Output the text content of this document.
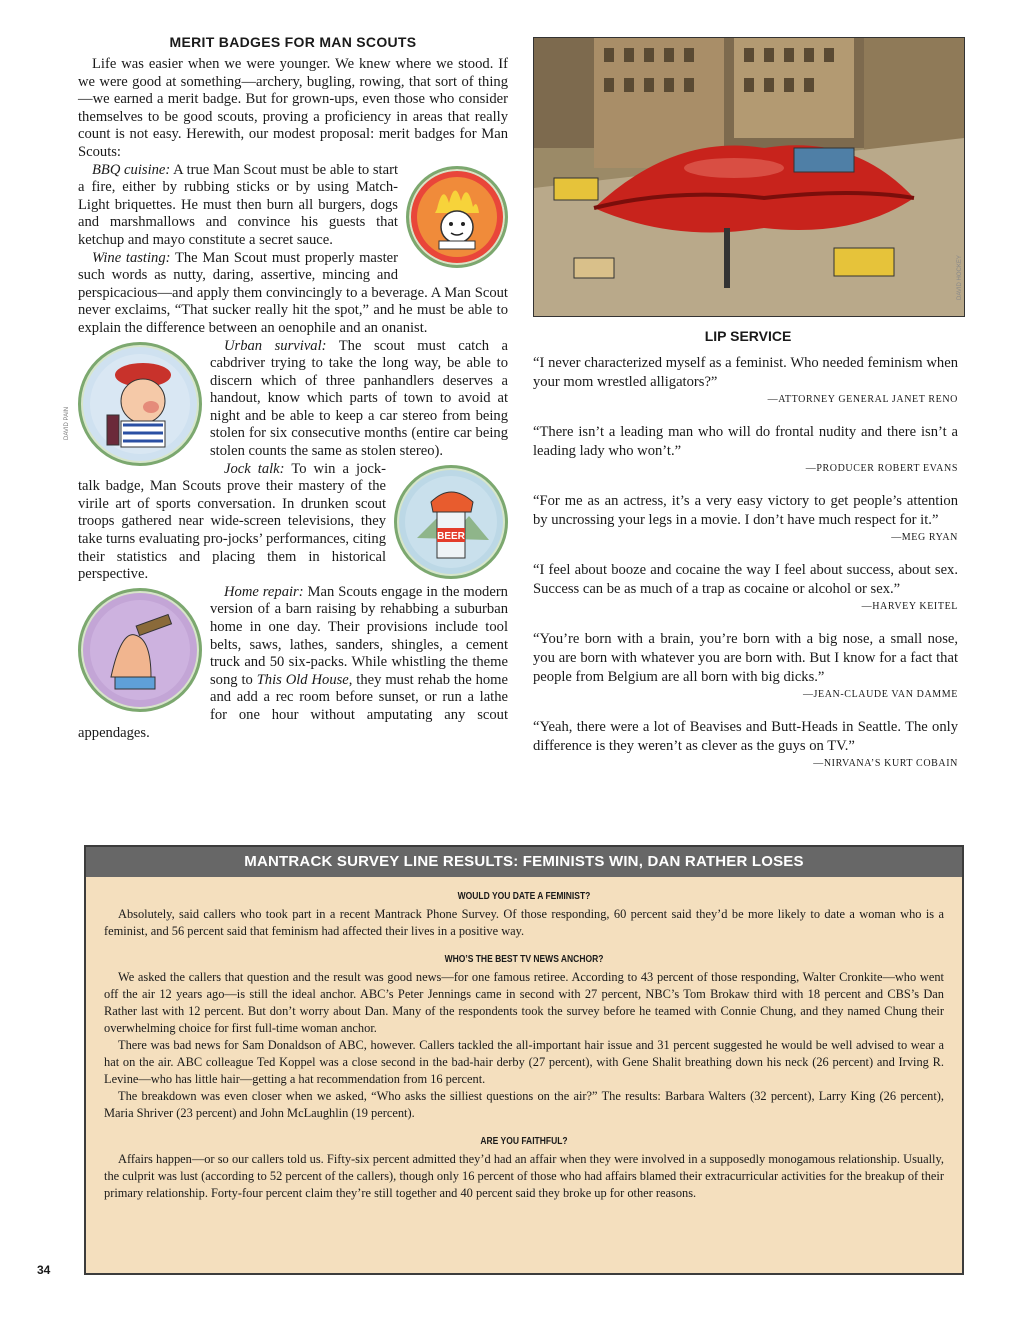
MERIT BADGES FOR MAN SCOUTS

Life was easier when we were younger. We knew where we stood. If we were good at something—archery, bugling, rowing, that sort of thing—we earned a merit badge. But for grown-ups, even those who consider themselves to be good scouts, proving a proficiency in areas that really count is not easy. Herewith, our modest proposal: merit badges for Man Scouts:

BBQ cuisine: A true Man Scout must be able to start a fire, either by rubbing sticks or by using Match-Light briquettes. He must then burn all burgers, dogs and marshmallows and convince his guests that ketchup and mayo constitute a secret sauce.

Wine tasting: The Man Scout must properly master such words as nutty, daring, assertive, mincing and perspicacious—and apply them convincingly to a beverage. A Man Scout never exclaims, “That sucker really hit the spot,” and he must be able to explain the difference between an oenophile and an onanist.

Urban survival: The scout must catch a cabdriver trying to take the long way, be able to discern which of three panhandlers deserves a handout, know which parts of town to avoid at night and be able to keep a car stereo from being stolen for six consecutive months (entire car being stolen counts the same as stolen stereo).

BEER

Jock talk: To win a jock-talk badge, Man Scouts prove their mastery of the virile art of sports conversation. In drunken scout troops gathered near wide-screen televisions, they take turns evaluating pro-jocks’ performances, citing their statistics and placing them in historical perspective.

Home repair: Man Scouts engage in the modern version of a barn raising by rehabbing a suburban home in one day. Their provisions include tool belts, saws, lathes, sanders, shingles, a cement truck and 50 six-packs. While whistling the theme song to This Old House, they must rehab the home and add a rec room before sunset, or run a lathe for one hour without amputating any scout appendages.

DAVID PAIN
DAVID HOCKEY
LIP SERVICE

“I never characterized myself as a feminist. Who needed feminism when your mom wrestled alligators?”

—ATTORNEY GENERAL JANET RENO

“There isn’t a leading man who will do frontal nudity and there isn’t a leading lady who won’t.”

—PRODUCER ROBERT EVANS

“For me as an actress, it’s a very easy victory to get people’s attention by uncrossing your legs in a movie. I don’t have much respect for it.”

—MEG RYAN

“I feel about booze and cocaine the way I feel about success, about sex. Success can be as much of a trap as cocaine or alcohol or sex.”

—HARVEY KEITEL

“You’re born with a brain, you’re born with a big nose, a small nose, you are born with whatever you are born with. But I know for a fact that people from Belgium are all born with big dicks.”

—JEAN-CLAUDE VAN DAMME

“Yeah, there were a lot of Beavises and Butt-Heads in Seattle. The only difference is they weren’t as clever as the guys on TV.”

—NIRVANA’S KURT COBAIN

MANTRACK SURVEY LINE RESULTS: FEMINISTS WIN, DAN RATHER LOSES
WOULD YOU DATE A FEMINIST?

Absolutely, said callers who took part in a recent Mantrack Phone Survey. Of those responding, 60 percent said they’d be more likely to date a woman who is a feminist, and 56 percent said that feminism had affected their lives in a positive way.

WHO’S THE BEST TV NEWS ANCHOR?

We asked the callers that question and the result was good news—for one famous retiree. According to 43 percent of those responding, Walter Cronkite—who went off the air 12 years ago—is still the ideal anchor. ABC’s Peter Jennings came in second with 27 percent, NBC’s Tom Brokaw third with 18 percent and CBS’s Dan Rather last with 12 percent. But don’t worry about Dan. Many of the respondents took the survey before he teamed with Connie Chung, and they named Chung their overwhelming choice for first full-time woman anchor.

There was bad news for Sam Donaldson of ABC, however. Callers tackled the all-important hair issue and 31 percent suggested he would be well advised to wear a hat on the air. ABC colleague Ted Koppel was a close second in the bad-hair derby (27 percent), with Gene Shalit breathing down his neck (26 percent) and Irving R. Levine—who has little hair—getting a hat recommendation from 16 percent.

The breakdown was even closer when we asked, “Who asks the silliest questions on the air?” The results: Barbara Walters (32 percent), Larry King (26 percent), Maria Shriver (23 percent) and John McLaughlin (19 percent).

ARE YOU FAITHFUL?

Affairs happen—or so our callers told us. Fifty-six percent admitted they’d had an affair when they were involved in a supposedly monogamous relationship. Usually, the culprit was lust (according to 52 percent of the callers), though only 16 percent of those who had affairs blamed their extracurricular activities for the breakup of their primary relationship. Forty-four percent claim they’re still together and 40 percent said they broke up for other reasons.

34
